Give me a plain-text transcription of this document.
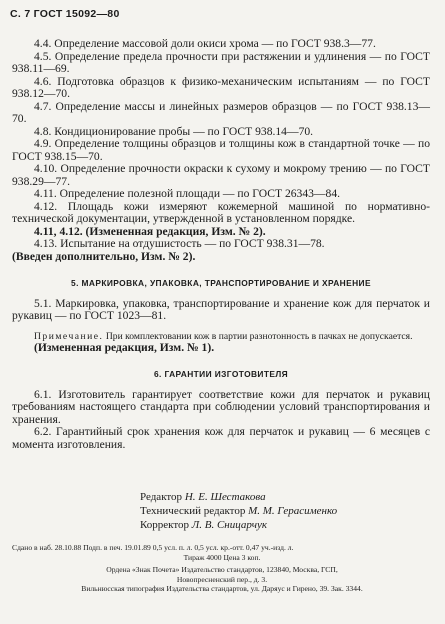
С. 7 ГОСТ 15092—80

4.4. Определение массовой доли окиси хрома — по ГОСТ 938.3—77.

4.5. Определение предела прочности при растяжении и удлинения — по ГОСТ 938.11—69.

4.6. Подготовка образцов к физико-механическим испытаниям — по ГОСТ 938.12—70.

4.7. Определение массы и линейных размеров образцов — по ГОСТ 938.13—70.

4.8. Кондиционирование пробы — по ГОСТ 938.14—70.

4.9. Определение толщины образцов и толщины кож в стандартной точке — по ГОСТ 938.15—70.

4.10. Определение прочности окраски к сухому и мокрому трению — по ГОСТ 938.29—77.

4.11. Определение полезной площади — по ГОСТ 26343—84.

4.12. Площадь кожи измеряют кожемерной машиной по нормативно-технической документации, утвержденной в установленном порядке.

4.11, 4.12. (Измененная редакция, Изм. № 2).

4.13. Испытание на отдушистость — по ГОСТ 938.31—78.

(Введен дополнительно, Изм. № 2).

5. МАРКИРОВКА, УПАКОВКА, ТРАНСПОРТИРОВАНИЕ И ХРАНЕНИЕ

5.1. Маркировка, упаковка, транспортирование и хранение кож для перчаток и рукавиц — по ГОСТ 1023—81.

Примечание. При комплектовании кож в партии разнотонность в пачках не допускается.

(Измененная редакция, Изм. № 1).

6. ГАРАНТИИ ИЗГОТОВИТЕЛЯ

6.1. Изготовитель гарантирует соответствие кожи для перчаток и рукавиц требованиям настоящего стандарта при соблюдении условий транспортирования и хранения.

6.2. Гарантийный срок хранения кож для перчаток и рукавиц — 6 месяцев с момента изготовления.

Редактор Н. Е. Шестакова
Технический редактор М. М. Герасименко
Корректор Л. В. Сницарчук
Сдано в наб. 28.10.88 Подп. в печ. 19.01.89 0,5 усл. п. л. 0,5 усл. кр.-отт. 0,47 уч.-изд. л.
Тираж 4000 Цена 3 коп.
Ордена «Знак Почета» Издательство стандартов, 123840, Москва, ГСП,
Новопресненский пер., д. 3.
Вильнюсская типография Издательства стандартов, ул. Даряус и Гирено, 39. Зак. 3344.
